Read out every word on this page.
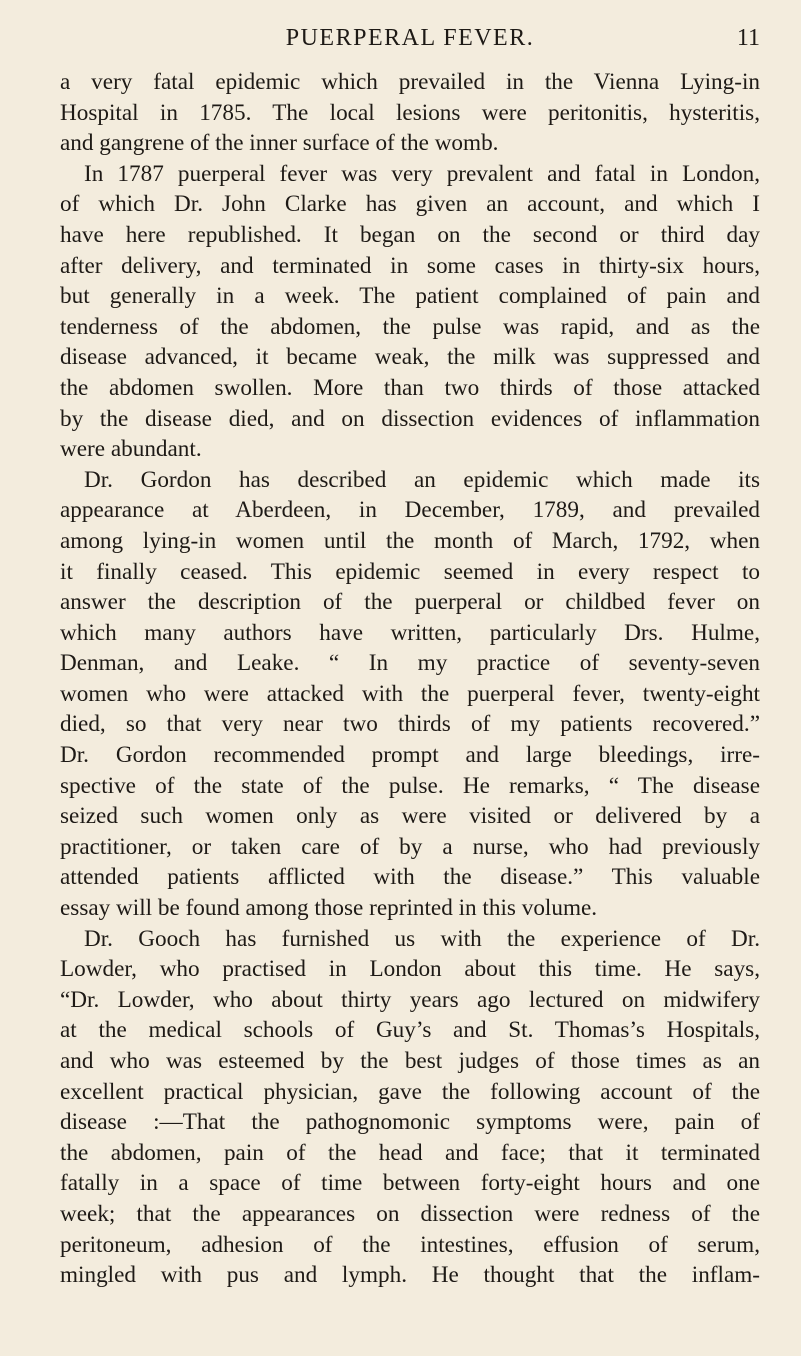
PUERPERAL FEVER.	11
a very fatal epidemic which prevailed in the Vienna Lying-in
Hospital in 1785. The local lesions were peritonitis, hysteritis,
and gangrene of the inner surface of the womb.
In 1787 puerperal fever was very prevalent and fatal in London,
of which Dr. John Clarke has given an account, and which I
have here republished. It began on the second or third day
after delivery, and terminated in some cases in thirty-six hours,
but generally in a week. The patient complained of pain and
tenderness of the abdomen, the pulse was rapid, and as the
disease advanced, it became weak, the milk was suppressed and
the abdomen swollen. More than two thirds of those attacked
by the disease died, and on dissection evidences of inflammation
were abundant.
Dr. Gordon has described an epidemic which made its
appearance at Aberdeen, in December, 1789, and prevailed
among lying-in women until the month of March, 1792, when
it finally ceased. This epidemic seemed in every respect to
answer the description of the puerperal or childbed fever on
which many authors have written, particularly Drs. Hulme,
Denman, and Leake. “ In my practice of seventy-seven
women who were attacked with the puerperal fever, twenty-eight
died, so that very near two thirds of my patients recovered.”
Dr. Gordon recommended prompt and large bleedings, irre-
spective of the state of the pulse. He remarks, “ The disease
seized such women only as were visited or delivered by a
practitioner, or taken care of by a nurse, who had previously
attended patients afflicted with the disease.” This valuable
essay will be found among those reprinted in this volume.
Dr. Gooch has furnished us with the experience of Dr.
Lowder, who practised in London about this time. He says,
“Dr. Lowder, who about thirty years ago lectured on midwifery
at the medical schools of Guy’s and St. Thomas’s Hospitals,
and who was esteemed by the best judges of those times as an
excellent practical physician, gave the following account of the
disease :—That the pathognomonic symptoms were, pain of
the abdomen, pain of the head and face; that it terminated
fatally in a space of time between forty-eight hours and one
week; that the appearances on dissection were redness of the
peritoneum, adhesion of the intestines, effusion of serum,
mingled with pus and lymph. He thought that the inflam-
